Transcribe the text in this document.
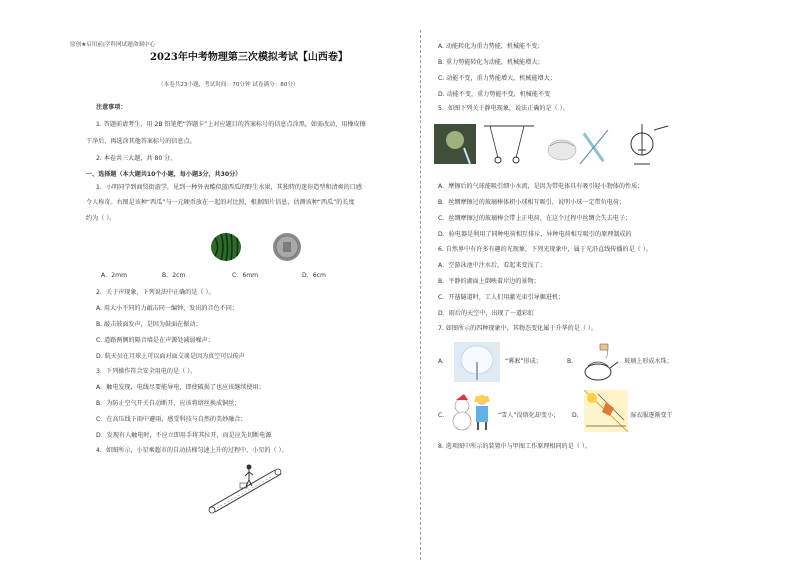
原创★启用前|学科网试题命制中心
2023年中考物理第三次模拟考试【山西卷】
（本卷共23小题，考试时间：70分钟 试卷满分：80分）
注意事项：
1. 答题前请考生，用 2B 铅笔把“答题卡”上对应题目的答案标号的信息点涂黑，如需改动，用橡皮擦
干净后，再选涂其他答案标号的信息点。
2. 本卷共三大题，共 80 分。
一、选择题（本大题共10个小题，每小题3分，共30分）
1．小明同学到商贸街游学，见到一种外表酷似篮西瓜的野生水果，其独特的迷你造型和清爽的口感
令人称奇。右图是该种“西瓜”与一元硬币放在一起的对比照，根据图片信息，估测该种“西瓜”的长度
约为（ ）。
A．2mm	B．2cm	C．6mm	D．6cm
2．关于声现象，下列说法中正确的是（ ）。
A. 用大小不同的力敲击同一编钟，发出的音色不同；
B. 敲击鼓面发声，是因为鼓面在振动；
C. 道路两侧的隔音墙是在声源处减弱噪声；
D. 航天员在月球上可以面对面交谈是因为真空可以传声
3．下列操作符合安全用电的是（ ）。
A．触电发现，电线尽要能导电，即使破损了也应该继续使用；
B．为防止空气开关自动断开，应该将熔丝换成铜丝；
C．在高压线下雨中避雨，感受科技与自然的美妙融合；
D．发现有人触电时，不应立即用手将其拉开，而是应先切断电源
4．如图所示，小星乘超市的自动扶梯匀速上升的过程中，小星的（ ）。
A. 动能转化为重力势能，机械能不变；
B. 重力势能转化为动能，机械能增大；
C. 动能不变，重力势能增大，机械能增大；
D. 动能不变，重力势能不变，机械能不变
5．如图下列关于静电现象，说法正确的是（ ）。
A．摩擦后的气球能吸引细小水流，是因为带电体具有吸引轻小物体的性质；
B．丝绸摩擦过的玻璃棒体积小球相互吸引，说明小球一定带负电荷；
C．丝绸摩擦过的玻璃棒会带上正电荷，在这个过程中丝绸会失去电子；
D．验电器是利用了同种电荷相互排斥，异种电荷相互吸引的原理制成的
6. 自然界中有许多有趣的光现象，下列光现象中，属于光沿直线传播的是（ ）。
A．空游泳池中注水后，看起来变浅了；
B．平静的湖面上倒映着岸边的景物；
C．开凿隧道时，工人们用激光束引导掘进机；
D．雨后的天空中，出现了一道彩虹
7. 如图所示的四种现象中，其物态变化属于升华的是（ ）。
A.	“雾凇”形成；	B.	玻璃上形成水珠；
C.	“雪人”没熔化却变小； D.	湿衣服逐渐变干
8. 选项图中所示的装置中与甲图工作原理相同的是（ ）。
